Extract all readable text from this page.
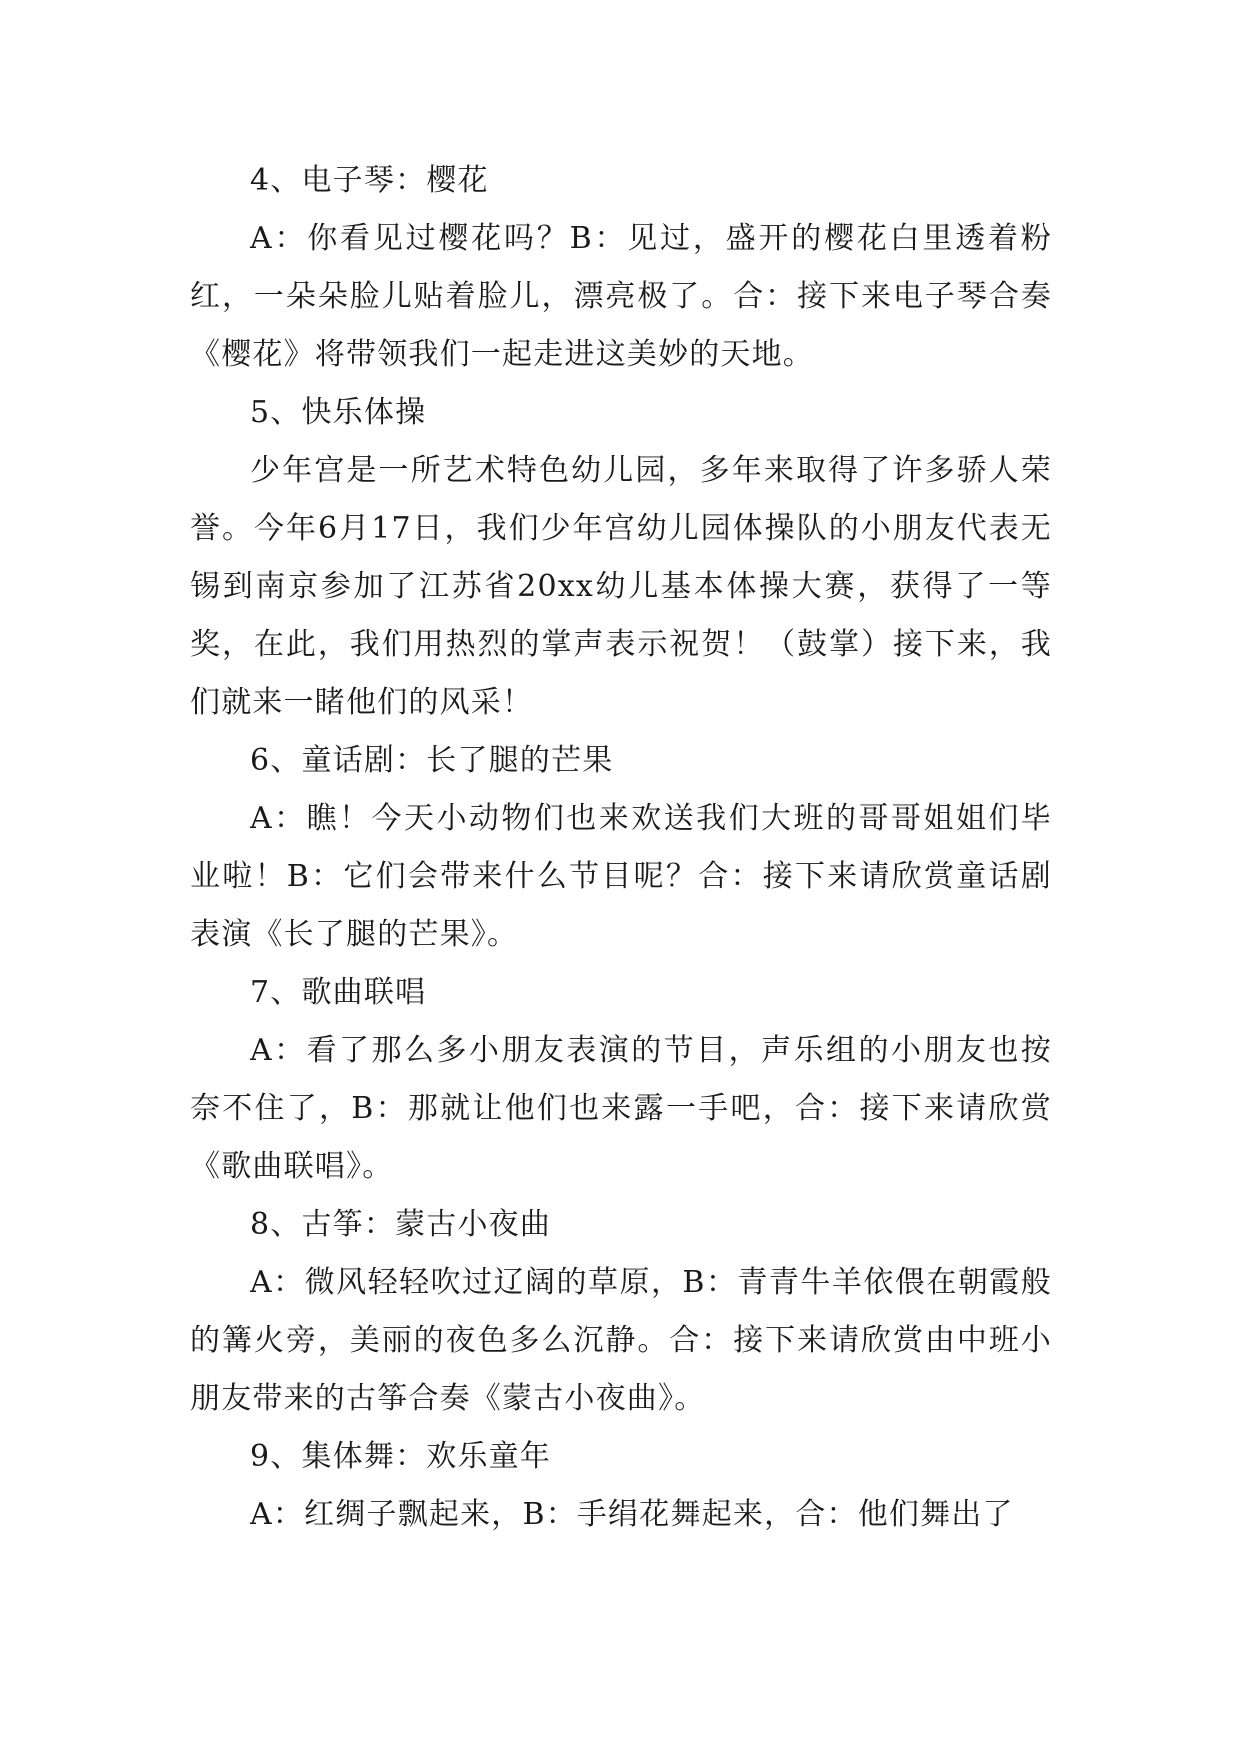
4、电子琴：樱花

A：你看见过樱花吗？B：见过，盛开的樱花白里透着粉红，一朵朵脸儿贴着脸儿，漂亮极了。合：接下来电子琴合奏《樱花》将带领我们一起走进这美妙的天地。

5、快乐体操

少年宫是一所艺术特色幼儿园，多年来取得了许多骄人荣誉。今年6月17日，我们少年宫幼儿园体操队的小朋友代表无锡到南京参加了江苏省20xx幼儿基本体操大赛，获得了一等奖，在此，我们用热烈的掌声表示祝贺！（鼓掌）接下来，我们就来一睹他们的风采！

6、童话剧：长了腿的芒果

A：瞧！今天小动物们也来欢送我们大班的哥哥姐姐们毕业啦！B：它们会带来什么节目呢？合：接下来请欣赏童话剧表演《长了腿的芒果》。

7、歌曲联唱

A：看了那么多小朋友表演的节目，声乐组的小朋友也按奈不住了，B：那就让他们也来露一手吧，合：接下来请欣赏《歌曲联唱》。

8、古筝：蒙古小夜曲

A：微风轻轻吹过辽阔的草原，B：青青牛羊依偎在朝霞般的篝火旁，美丽的夜色多么沉静。合：接下来请欣赏由中班小朋友带来的古筝合奏《蒙古小夜曲》。

9、集体舞：欢乐童年

A：红绸子飘起来，B：手绢花舞起来，合：他们舞出了
